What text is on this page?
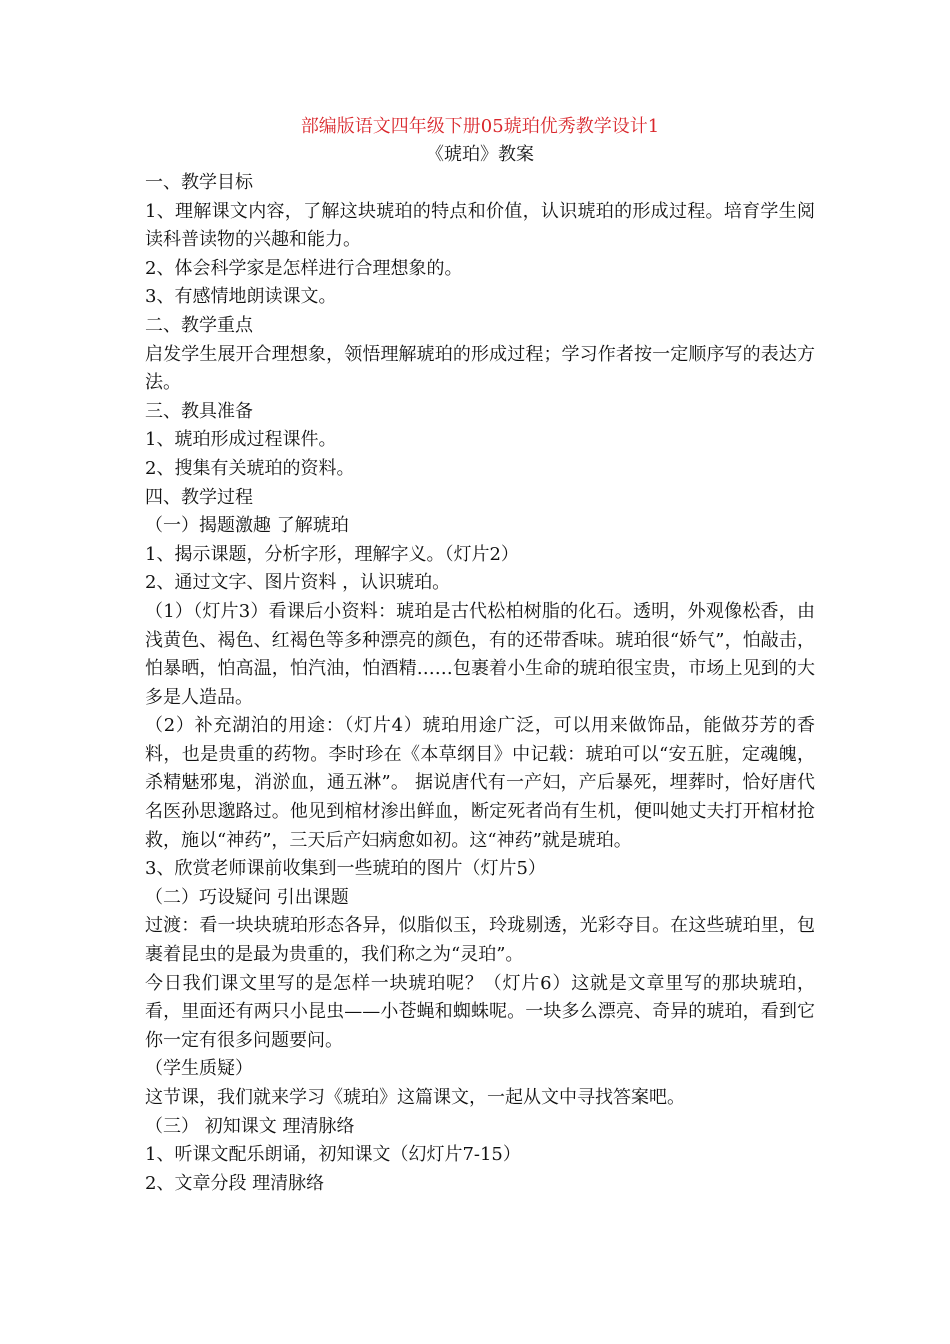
部编版语文四年级下册05琥珀优秀教学设计1
《琥珀》教案

一、教学目标

1、理解课文内容，了解这块琥珀的特点和价值，认识琥珀的形成过程。培育学生阅读科普读物的兴趣和能力。

2、体会科学家是怎样进行合理想象的。

3、有感情地朗读课文。

二、教学重点

启发学生展开合理想象，领悟理解琥珀的形成过程；学习作者按一定顺序写的表达方法。

三、教具准备

1、琥珀形成过程课件。

2、搜集有关琥珀的资料。

四、教学过程

（一）揭题激趣 了解琥珀

1、揭示课题，分析字形，理解字义。（灯片2）

2、通过文字、图片资料 ，认识琥珀。

（1）（灯片3）看课后小资料：琥珀是古代松柏树脂的化石。透明，外观像松香，由浅黄色、褐色、红褐色等多种漂亮的颜色，有的还带香味。琥珀很“娇气”，怕敲击，怕暴晒，怕高温，怕汽油，怕酒精……包裹着小生命的琥珀很宝贵，市场上见到的大多是人造品。

（2）补充湖泊的用途：（灯片4）琥珀用途广泛，可以用来做饰品，能做芬芳的香料，也是贵重的药物。李时珍在《本草纲目》中记载：琥珀可以“安五脏，定魂魄，杀精魅邪鬼，消淤血，通五淋”。 据说唐代有一产妇，产后暴死，埋葬时，恰好唐代名医孙思邈路过。他见到棺材渗出鲜血，断定死者尚有生机，便叫她丈夫打开棺材抢救，施以“神药”，三天后产妇病愈如初。这“神药”就是琥珀。

3、欣赏老师课前收集到一些琥珀的图片（灯片5）

（二）巧设疑问 引出课题

过渡：看一块块琥珀形态各异，似脂似玉，玲珑剔透，光彩夺目。在这些琥珀里，包裹着昆虫的是最为贵重的，我们称之为“灵珀”。

今日我们课文里写的是怎样一块琥珀呢？（灯片6）这就是文章里写的那块琥珀，看，里面还有两只小昆虫——小苍蝇和蜘蛛呢。一块多么漂亮、奇异的琥珀，看到它你一定有很多问题要问。

（学生质疑）

这节课，我们就来学习《琥珀》这篇课文，一起从文中寻找答案吧。

（三） 初知课文 理清脉络

1、听课文配乐朗诵，初知课文（幻灯片7-15）

2、文章分段 理清脉络
